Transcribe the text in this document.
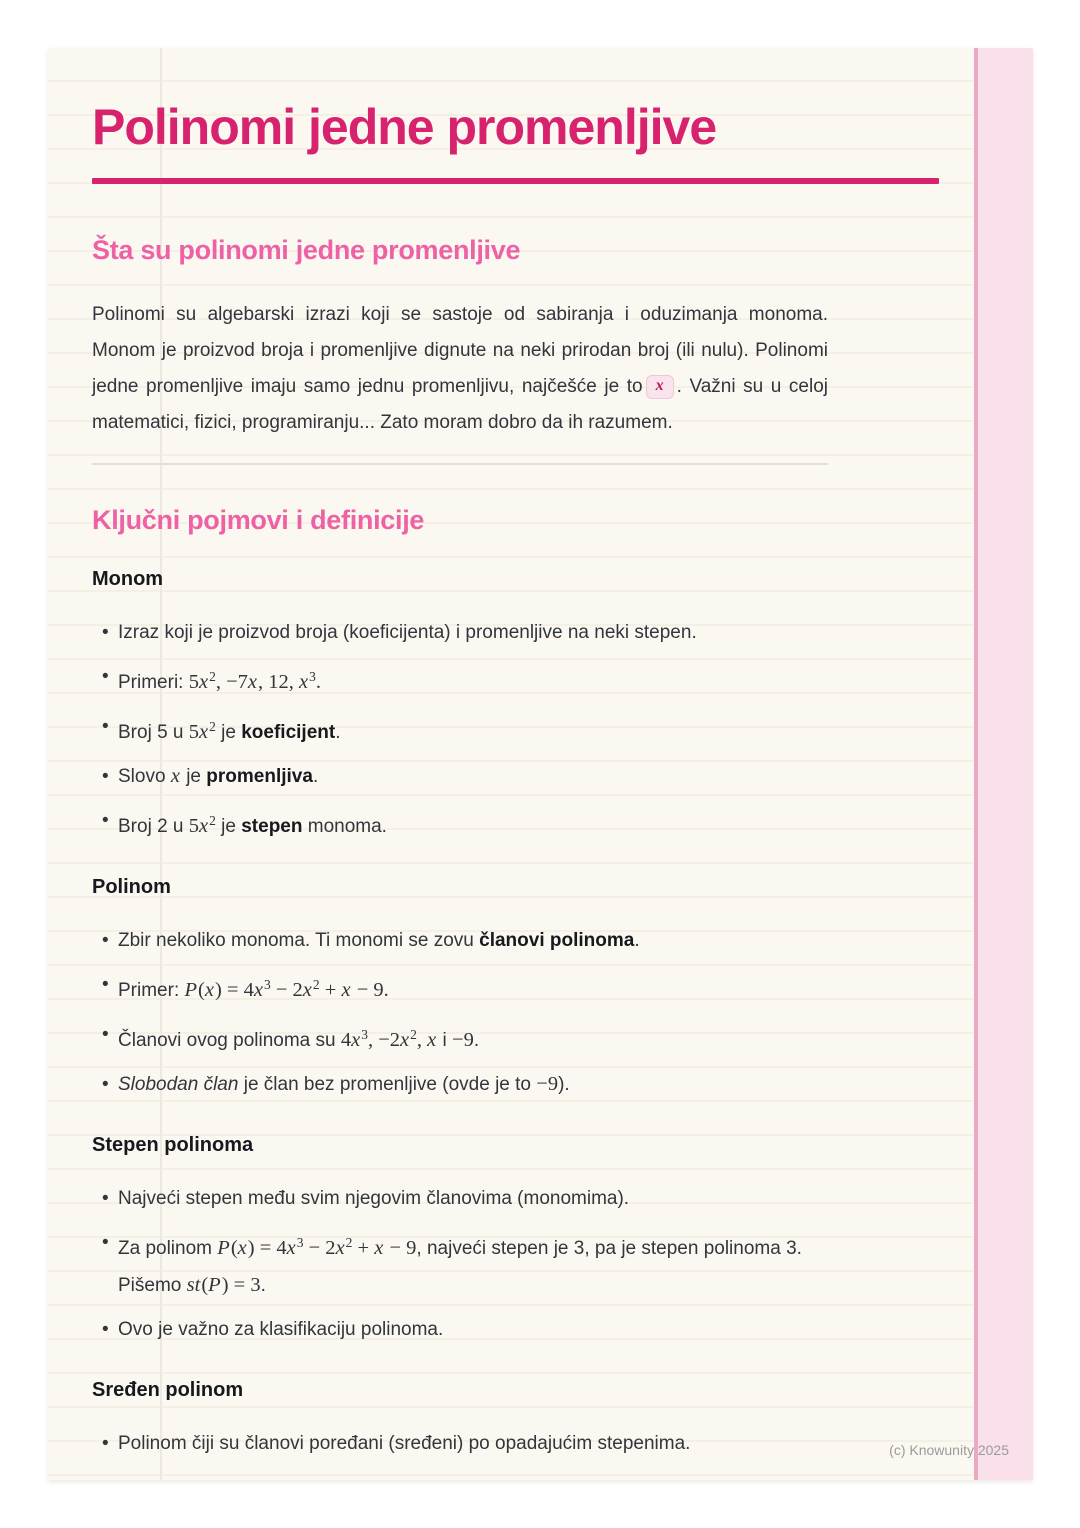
Polinomi jedne promenljive
Šta su polinomi jedne promenljive

Polinomi su algebarski izrazi koji se sastoje od sabiranja i oduzimanja monoma. Monom je proizvod broja i promenljive dignute na neki prirodan broj (ili nulu). Polinomi jedne promenljive imaju samo jednu promenljivu, najčešće je to x . Važni su u celoj matematici, fizici, programiranju... Zato moram dobro da ih razumem.

Ključni pojmovi i definicije
Monom
• Izraz koji je proizvod broja (koeficijenta) i promenljive na neki stepen.
• Primeri: $5x^2$, −7x, 12, $x^3$.
• Broj 5 u $5x^2$ je koeficijent.
• Slovo x je promenljiva.
• Broj 2 u $5x^2$ je stepen monoma.
Polinom
• Zbir nekoliko monoma. Ti monomi se zovu članovi polinoma.
• Primer: $P(x) = 4x^3 - 2x^2 + x - 9$.
• Članovi ovog polinoma su $4x^3$, $-2x^2$, x i −9.
• Slobodan član je član bez promenljive (ovde je to −9).
Stepen polinoma
• Najveći stepen među svim njegovim članovima (monomima).
• Za polinom $P(x) = 4x^3 - 2x^2 + x - 9$, najveći stepen je 3, pa je stepen polinoma 3. Pišemo st(P) = 3.
• Ovo je važno za klasifikaciju polinoma.
Sređen polinom
• Polinom čiji su članovi poređani (sređeni) po opadajućim stepenima.	(c) Knowunity 2025
